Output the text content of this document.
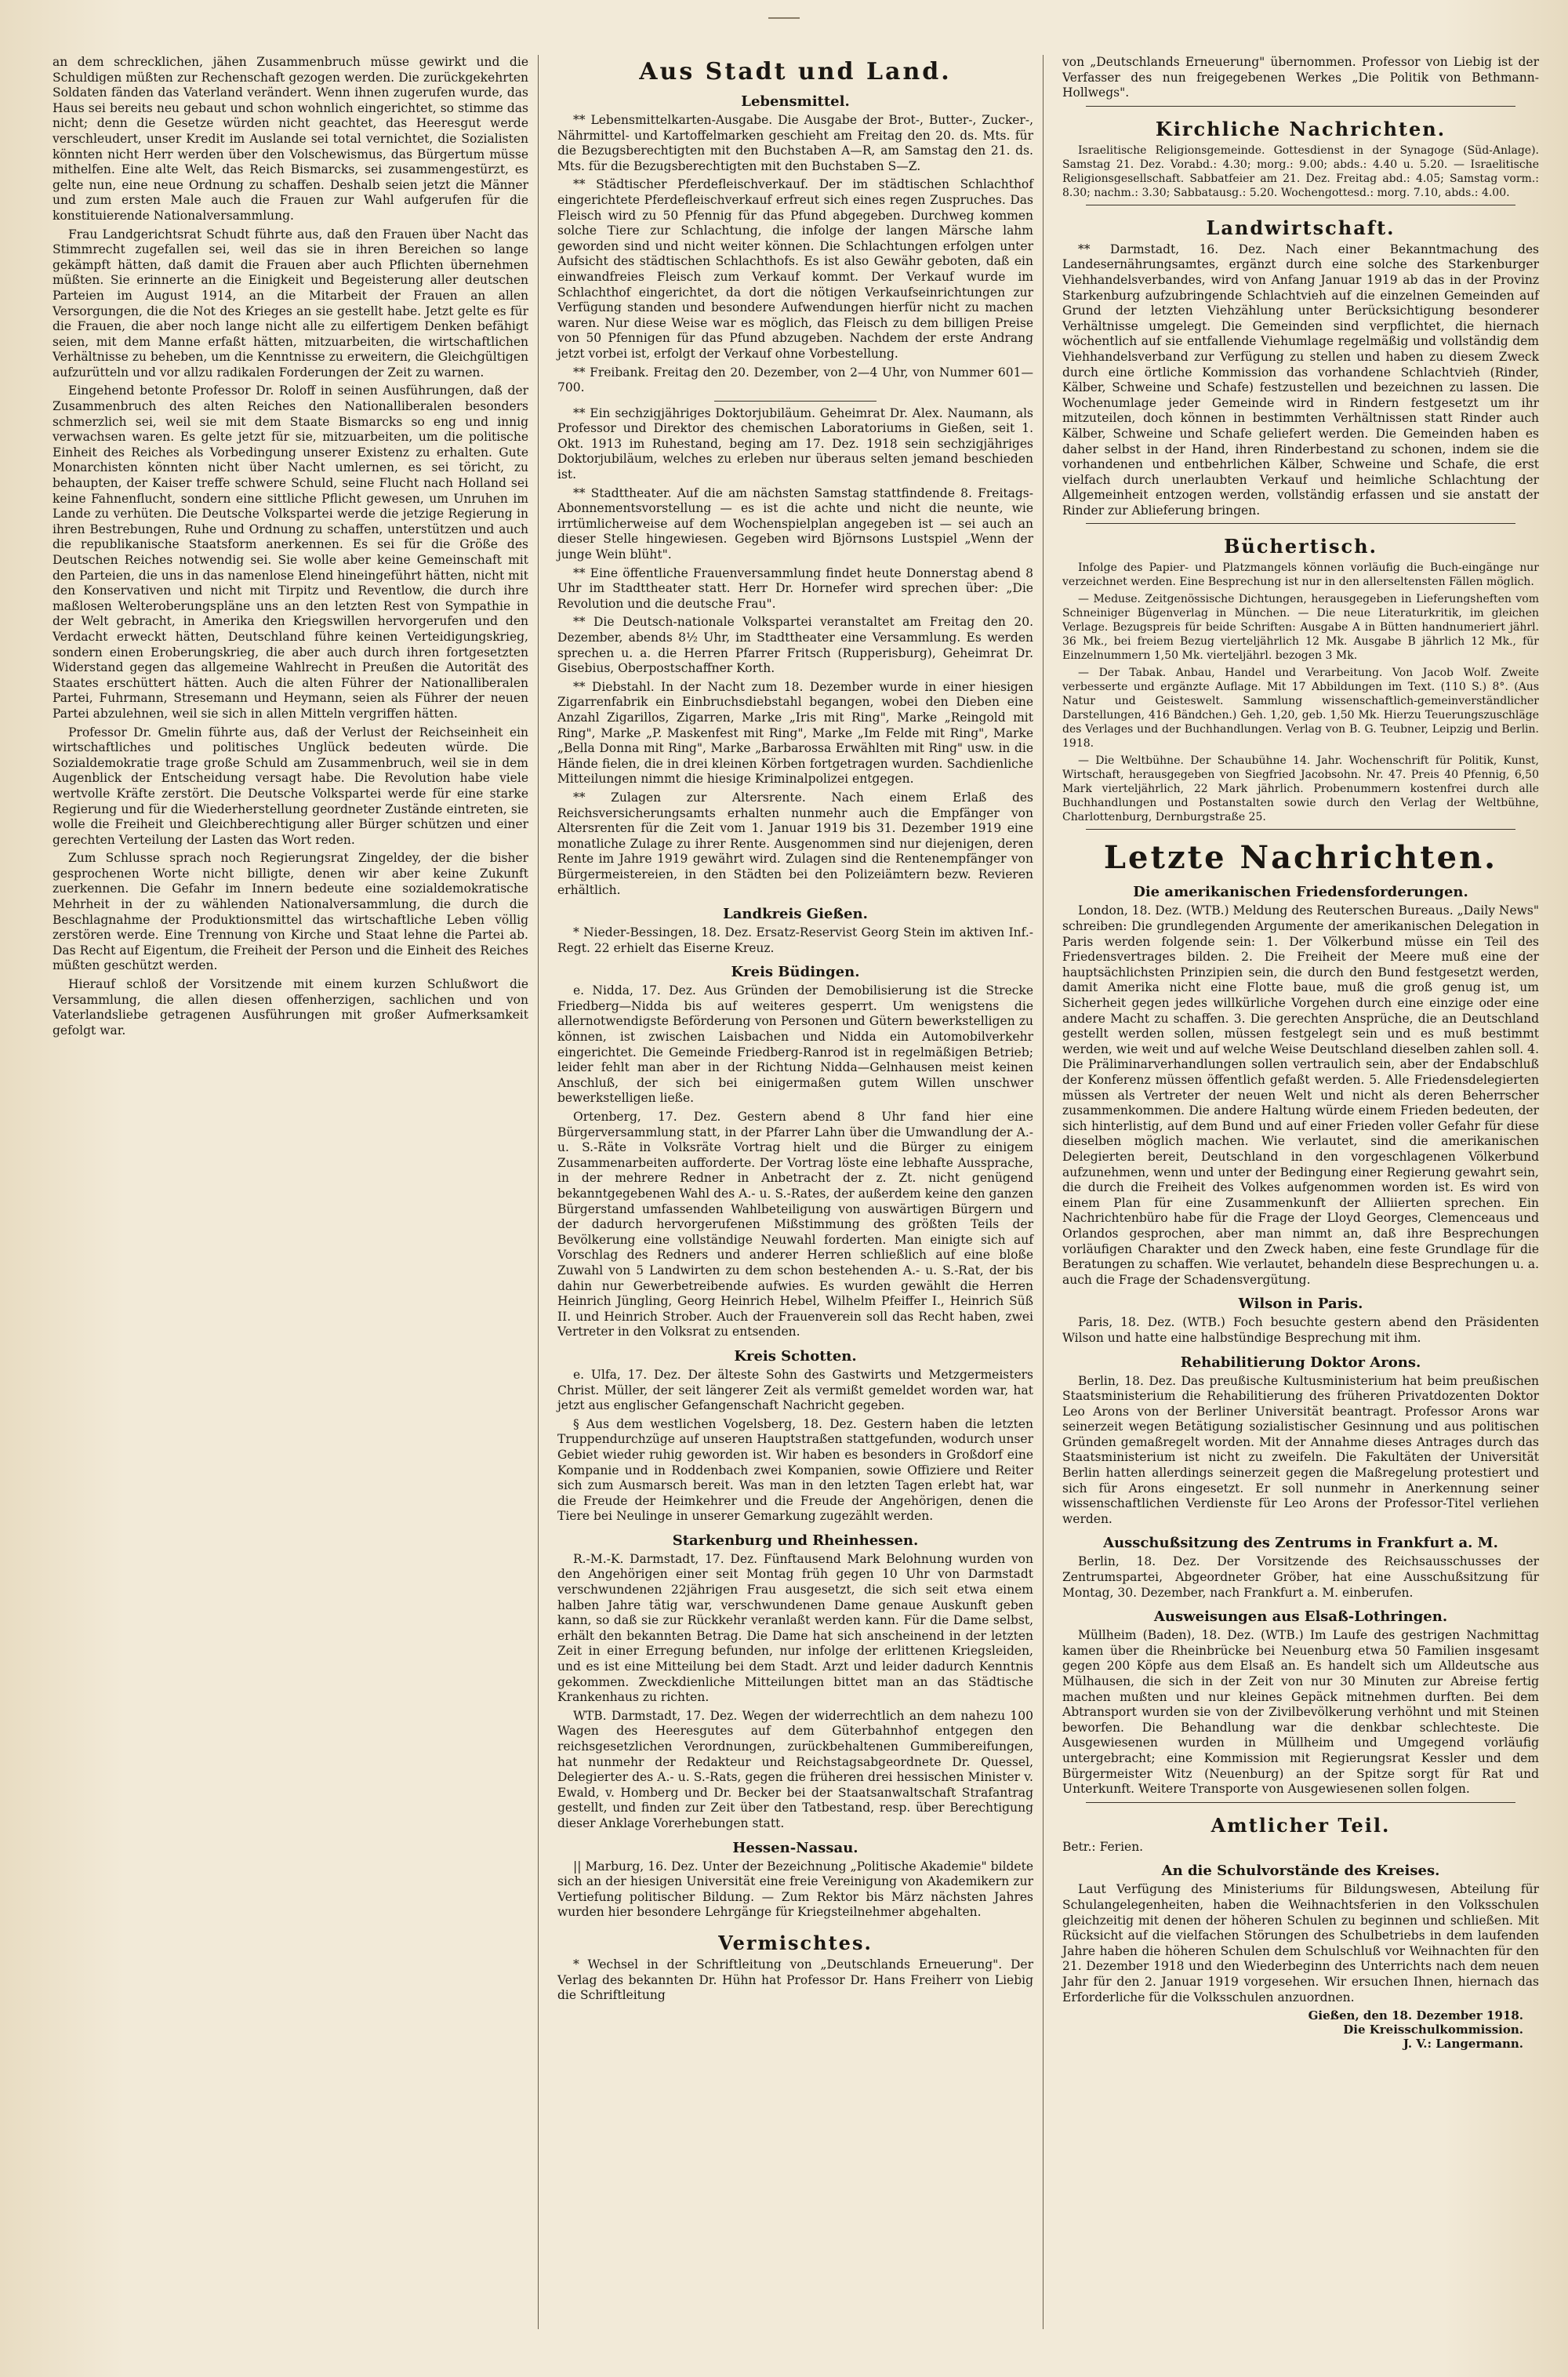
an dem schrecklichen, jähen Zusammenbruch müsse gewirkt und die Schuldigen müßten zur Rechenschaft gezogen werden. Die zurückgekehrten Soldaten fänden das Vaterland verändert. Wenn ihnen zugerufen wurde, das Haus sei bereits neu gebaut und schon wohnlich eingerichtet, so stimme das nicht; denn die Gesetze würden nicht geachtet, das Heeresgut werde verschleudert, unser Kredit im Auslande sei total vernichtet, die Sozialisten könnten nicht Herr werden über den Volschewismus, das Bürgertum müsse mithelfen. Eine alte Welt, das Reich Bismarcks, sei zusammengestürzt, es gelte nun, eine neue Ordnung zu schaffen. Deshalb seien jetzt die Männer und zum ersten Male auch die Frauen zur Wahl aufgerufen für die konstituierende Nationalversammlung.

Frau Landgerichtsrat Schudt führte aus, daß den Frauen über Nacht das Stimmrecht zugefallen sei, weil das sie in ihren Bereichen so lange gekämpft hätten, daß damit die Frauen aber auch Pflichten übernehmen müßten. Sie erinnerte an die Einigkeit und Begeisterung aller deutschen Parteien im August 1914, an die Mitarbeit der Frauen an allen Versorgungen, die die Not des Krieges an sie gestellt habe. Jetzt gelte es für die Frauen, die aber noch lange nicht alle zu eilfertigem Denken befähigt seien, mit dem Manne erfaßt hätten, mitzuarbeiten, die wirtschaftlichen Verhältnisse zu beheben, um die Kenntnisse zu erweitern, die Gleichgültigen aufzurütteln und vor allzu radikalen Forderungen der Zeit zu warnen.

Eingehend betonte Professor Dr. Roloff in seinen Ausführungen, daß der Zusammenbruch des alten Reiches den Nationalliberalen besonders schmerzlich sei, weil sie mit dem Staate Bismarcks so eng und innig verwachsen waren. Es gelte jetzt für sie, mitzuarbeiten, um die politische Einheit des Reiches als Vorbedingung unserer Existenz zu erhalten. Gute Monarchisten könnten nicht über Nacht umlernen, es sei töricht, zu behaupten, der Kaiser treffe schwere Schuld, seine Flucht nach Holland sei keine Fahnenflucht, sondern eine sittliche Pflicht gewesen, um Unruhen im Lande zu verhüten. Die Deutsche Volkspartei werde die jetzige Regierung in ihren Bestrebungen, Ruhe und Ordnung zu schaffen, unterstützen und auch die republikanische Staatsform anerkennen. Es sei für die Größe des Deutschen Reiches notwendig sei. Sie wolle aber keine Gemeinschaft mit den Parteien, die uns in das namenlose Elend hineingeführt hätten, nicht mit den Konservativen und nicht mit Tirpitz und Reventlow, die durch ihre maßlosen Welteroberungspläne uns an den letzten Rest von Sympathie in der Welt gebracht, in Amerika den Kriegswillen hervorgerufen und den Verdacht erweckt hätten, Deutschland führe keinen Verteidigungskrieg, sondern einen Eroberungskrieg, die aber auch durch ihren fortgesetzten Widerstand gegen das allgemeine Wahlrecht in Preußen die Autorität des Staates erschüttert hätten. Auch die alten Führer der Nationalliberalen Partei, Fuhrmann, Stresemann und Heymann, seien als Führer der neuen Partei abzulehnen, weil sie sich in allen Mitteln vergriffen hätten.

Professor Dr. Gmelin führte aus, daß der Verlust der Reichseinheit ein wirtschaftliches und politisches Unglück bedeuten würde. Die Sozialdemokratie trage große Schuld am Zusammenbruch, weil sie in dem Augenblick der Entscheidung versagt habe. Die Revolution habe viele wertvolle Kräfte zerstört. Die Deutsche Volkspartei werde für eine starke Regierung und für die Wiederherstellung geordneter Zustände eintreten, sie wolle die Freiheit und Gleichberechtigung aller Bürger schützen und einer gerechten Verteilung der Lasten das Wort reden.

Zum Schlusse sprach noch Regierungsrat Zingeldey, der die bisher gesprochenen Worte nicht billigte, denen wir aber keine Zukunft zuerkennen. Die Gefahr im Innern bedeute eine sozialdemokratische Mehrheit in der zu wählenden Nationalversammlung, die durch die Beschlagnahme der Produktionsmittel das wirtschaftliche Leben völlig zerstören werde. Eine Trennung von Kirche und Staat lehne die Partei ab. Das Recht auf Eigentum, die Freiheit der Person und die Einheit des Reiches müßten geschützt werden.

Hierauf schloß der Vorsitzende mit einem kurzen Schlußwort die Versammlung, die allen diesen offenherzigen, sachlichen und von Vaterlandsliebe getragenen Ausführungen mit großer Aufmerksamkeit gefolgt war.

Aus Stadt und Land.
Lebensmittel.

** Lebensmittelkarten-Ausgabe. Die Ausgabe der Brot-, Butter-, Zucker-, Nährmittel- und Kartoffelmarken geschieht am Freitag den 20. ds. Mts. für die Bezugsberechtigten mit den Buchstaben A—R, am Samstag den 21. ds. Mts. für die Bezugsberechtigten mit den Buchstaben S—Z.

** Städtischer Pferdefleischverkauf. Der im städtischen Schlachthof eingerichtete Pferdefleischverkauf erfreut sich eines regen Zuspruches. Das Fleisch wird zu 50 Pfennig für das Pfund abgegeben. Durchweg kommen solche Tiere zur Schlachtung, die infolge der langen Märsche lahm geworden sind und nicht weiter können. Die Schlachtungen erfolgen unter Aufsicht des städtischen Schlachthofs. Es ist also Gewähr geboten, daß ein einwandfreies Fleisch zum Verkauf kommt. Der Verkauf wurde im Schlachthof eingerichtet, da dort die nötigen Verkaufseinrichtungen zur Verfügung standen und besondere Aufwendungen hierfür nicht zu machen waren. Nur diese Weise war es möglich, das Fleisch zu dem billigen Preise von 50 Pfennigen für das Pfund abzugeben. Nachdem der erste Andrang jetzt vorbei ist, erfolgt der Verkauf ohne Vorbestellung.

** Freibank. Freitag den 20. Dezember, von 2—4 Uhr, von Nummer 601—700.

** Ein sechzigjähriges Doktorjubiläum. Geheimrat Dr. Alex. Naumann, als Professor und Direktor des chemischen Laboratoriums in Gießen, seit 1. Okt. 1913 im Ruhestand, beging am 17. Dez. 1918 sein sechzigjähriges Doktorjubiläum, welches zu erleben nur überaus selten jemand beschieden ist.

** Stadttheater. Auf die am nächsten Samstag stattfindende 8. Freitags-Abonnementsvorstellung — es ist die achte und nicht die neunte, wie irrtümlicherweise auf dem Wochenspielplan angegeben ist — sei auch an dieser Stelle hingewiesen. Gegeben wird Björnsons Lustspiel „Wenn der junge Wein blüht".

** Eine öffentliche Frauenversammlung findet heute Donnerstag abend 8 Uhr im Stadttheater statt. Herr Dr. Hornefer wird sprechen über: „Die Revolution und die deutsche Frau".

** Die Deutsch-nationale Volkspartei veranstaltet am Freitag den 20. Dezember, abends 8½ Uhr, im Stadttheater eine Versammlung. Es werden sprechen u. a. die Herren Pfarrer Fritsch (Rupperisburg), Geheimrat Dr. Gisebius, Oberpostschaffner Korth.

** Diebstahl. In der Nacht zum 18. Dezember wurde in einer hiesigen Zigarrenfabrik ein Einbruchsdiebstahl begangen, wobei den Dieben eine Anzahl Zigarillos, Zigarren, Marke „Iris mit Ring", Marke „Reingold mit Ring", Marke „P. Maskenfest mit Ring", Marke „Im Felde mit Ring", Marke „Bella Donna mit Ring", Marke „Barbarossa Erwählten mit Ring" usw. in die Hände fielen, die in drei kleinen Körben fortgetragen wurden. Sachdienliche Mitteilungen nimmt die hiesige Kriminalpolizei entgegen.

** Zulagen zur Altersrente. Nach einem Erlaß des Reichsversicherungsamts erhalten nunmehr auch die Empfänger von Altersrenten für die Zeit vom 1. Januar 1919 bis 31. Dezember 1919 eine monatliche Zulage zu ihrer Rente. Ausgenommen sind nur diejenigen, deren Rente im Jahre 1919 gewährt wird. Zulagen sind die Rentenempfänger von Bürgermeistereien, in den Städten bei den Polizeiämtern bezw. Revieren erhältlich.

Landkreis Gießen.

* Nieder-Bessingen, 18. Dez. Ersatz-Reservist Georg Stein im aktiven Inf.-Regt. 22 erhielt das Eiserne Kreuz.

Kreis Büdingen.

e. Nidda, 17. Dez. Aus Gründen der Demobilisierung ist die Strecke Friedberg—Nidda bis auf weiteres gesperrt. Um wenigstens die allernotwendigste Beförderung von Personen und Gütern bewerkstelligen zu können, ist zwischen Laisbachen und Nidda ein Automobilverkehr eingerichtet. Die Gemeinde Friedberg-Ranrod ist in regelmäßigen Betrieb; leider fehlt man aber in der Richtung Nidda—Gelnhausen meist keinen Anschluß, der sich bei einigermaßen gutem Willen unschwer bewerkstelligen ließe.

Ortenberg, 17. Dez. Gestern abend 8 Uhr fand hier eine Bürgerversammlung statt, in der Pfarrer Lahn über die Umwandlung der A.- u. S.-Räte in Volksräte Vortrag hielt und die Bürger zu einigem Zusammenarbeiten aufforderte. Der Vortrag löste eine lebhafte Aussprache, in der mehrere Redner in Anbetracht der z. Zt. nicht genügend bekanntgegebenen Wahl des A.- u. S.-Rates, der außerdem keine den ganzen Bürgerstand umfassenden Wahlbeteiligung von auswärtigen Bürgern und der dadurch hervorgerufenen Mißstimmung des größten Teils der Bevölkerung eine vollständige Neuwahl forderten. Man einigte sich auf Vorschlag des Redners und anderer Herren schließlich auf eine bloße Zuwahl von 5 Landwirten zu dem schon bestehenden A.- u. S.-Rat, der bis dahin nur Gewerbetreibende aufwies. Es wurden gewählt die Herren Heinrich Jüngling, Georg Heinrich Hebel, Wilhelm Pfeiffer I., Heinrich Süß II. und Heinrich Strober. Auch der Frauenverein soll das Recht haben, zwei Vertreter in den Volksrat zu entsenden.

Kreis Schotten.

e. Ulfa, 17. Dez. Der älteste Sohn des Gastwirts und Metzgermeisters Christ. Müller, der seit längerer Zeit als vermißt gemeldet worden war, hat jetzt aus englischer Gefangenschaft Nachricht gegeben.

§ Aus dem westlichen Vogelsberg, 18. Dez. Gestern haben die letzten Truppendurchzüge auf unseren Hauptstraßen stattgefunden, wodurch unser Gebiet wieder ruhig geworden ist. Wir haben es besonders in Großdorf eine Kompanie und in Roddenbach zwei Kompanien, sowie Offiziere und Reiter sich zum Ausmarsch bereit. Was man in den letzten Tagen erlebt hat, war die Freude der Heimkehrer und die Freude der Angehörigen, denen die Tiere bei Neulinge in unserer Gemarkung zugezählt werden.

Starkenburg und Rheinhessen.

R.-M.-K. Darmstadt, 17. Dez. Fünftausend Mark Belohnung wurden von den Angehörigen einer seit Montag früh gegen 10 Uhr von Darmstadt verschwundenen 22jährigen Frau ausgesetzt, die sich seit etwa einem halben Jahre tätig war, verschwundenen Dame genaue Auskunft geben kann, so daß sie zur Rückkehr veranlaßt werden kann. Für die Dame selbst, erhält den bekannten Betrag. Die Dame hat sich anscheinend in der letzten Zeit in einer Erregung befunden, nur infolge der erlittenen Kriegsleiden, und es ist eine Mitteilung bei dem Stadt. Arzt und leider dadurch Kenntnis gekommen. Zweckdienliche Mitteilungen bittet man an das Städtische Krankenhaus zu richten.

WTB. Darmstadt, 17. Dez. Wegen der widerrechtlich an dem nahezu 100 Wagen des Heeresgutes auf dem Güterbahnhof entgegen den reichsgesetzlichen Verordnungen, zurückbehaltenen Gummibereifungen, hat nunmehr der Redakteur und Reichstagsabgeordnete Dr. Quessel, Delegierter des A.- u. S.-Rats, gegen die früheren drei hessischen Minister v. Ewald, v. Homberg und Dr. Becker bei der Staatsanwaltschaft Strafantrag gestellt, und finden zur Zeit über den Tatbestand, resp. über Berechtigung dieser Anklage Vorerhebungen statt.

Hessen-Nassau.

|| Marburg, 16. Dez. Unter der Bezeichnung „Politische Akademie" bildete sich an der hiesigen Universität eine freie Vereinigung von Akademikern zur Vertiefung politischer Bildung. — Zum Rektor bis März nächsten Jahres wurden hier besondere Lehrgänge für Kriegsteilnehmer abgehalten.

Vermischtes.

* Wechsel in der Schriftleitung von „Deutschlands Erneuerung". Der Verlag des bekannten Dr. Hühn hat Professor Dr. Hans Freiherr von Liebig die Schriftleitung

von „Deutschlands Erneuerung" übernommen. Professor von Liebig ist der Verfasser des nun freigegebenen Werkes „Die Politik von Bethmann-Hollwegs".

Kirchliche Nachrichten.

Israelitische Religionsgemeinde. Gottesdienst in der Synagoge (Süd-Anlage). Samstag 21. Dez. Vorabd.: 4.30; morg.: 9.00; abds.: 4.40 u. 5.20. — Israelitische Religionsgesellschaft. Sabbatfeier am 21. Dez. Freitag abd.: 4.05; Samstag vorm.: 8.30; nachm.: 3.30; Sabbatausg.: 5.20. Wochengottesd.: morg. 7.10, abds.: 4.00.

Landwirtschaft.

** Darmstadt, 16. Dez. Nach einer Bekanntmachung des Landesernährungsamtes, ergänzt durch eine solche des Starkenburger Viehhandelsverbandes, wird von Anfang Januar 1919 ab das in der Provinz Starkenburg aufzubringende Schlachtvieh auf die einzelnen Gemeinden auf Grund der letzten Viehzählung unter Berücksichtigung besonderer Verhältnisse umgelegt. Die Gemeinden sind verpflichtet, die hiernach wöchentlich auf sie entfallende Viehumlage regelmäßig und vollständig dem Viehhandelsverband zur Verfügung zu stellen und haben zu diesem Zweck durch eine örtliche Kommission das vorhandene Schlachtvieh (Rinder, Kälber, Schweine und Schafe) festzustellen und bezeichnen zu lassen. Die Wochenumlage jeder Gemeinde wird in Rindern festgesetzt um ihr mitzuteilen, doch können in bestimmten Verhältnissen statt Rinder auch Kälber, Schweine und Schafe geliefert werden. Die Gemeinden haben es daher selbst in der Hand, ihren Rinderbestand zu schonen, indem sie die vorhandenen und entbehrlichen Kälber, Schweine und Schafe, die erst vielfach durch unerlaubten Verkauf und heimliche Schlachtung der Allgemeinheit entzogen werden, vollständig erfassen und sie anstatt der Rinder zur Ablieferung bringen.

Büchertisch.

Infolge des Papier- und Platzmangels können vorläufig die Buch-eingänge nur verzeichnet werden. Eine Besprechung ist nur in den allerseltensten Fällen möglich.

— Meduse. Zeitgenössische Dichtungen, herausgegeben in Lieferungsheften vom Schneiniger Bügenverlag in München. — Die neue Literaturkritik, im gleichen Verlage. Bezugspreis für beide Schriften: Ausgabe A in Bütten handnumeriert jährl. 36 Mk., bei freiem Bezug vierteljährlich 12 Mk. Ausgabe B jährlich 12 Mk., für Einzelnummern 1,50 Mk. vierteljährl. bezogen 3 Mk.

— Der Tabak. Anbau, Handel und Verarbeitung. Von Jacob Wolf. Zweite verbesserte und ergänzte Auflage. Mit 17 Abbildungen im Text. (110 S.) 8°. (Aus Natur und Geisteswelt. Sammlung wissenschaftlich-gemeinverständlicher Darstellungen, 416 Bändchen.) Geh. 1,20, geb. 1,50 Mk. Hierzu Teuerungszuschläge des Verlages und der Buchhandlungen. Verlag von B. G. Teubner, Leipzig und Berlin. 1918.

— Die Weltbühne. Der Schaubühne 14. Jahr. Wochenschrift für Politik, Kunst, Wirtschaft, herausgegeben von Siegfried Jacobsohn. Nr. 47. Preis 40 Pfennig, 6,50 Mark vierteljährlich, 22 Mark jährlich. Probenummern kostenfrei durch alle Buchhandlungen und Postanstalten sowie durch den Verlag der Weltbühne, Charlottenburg, Dernburgstraße 25.

Letzte Nachrichten.
Die amerikanischen Friedensforderungen.

London, 18. Dez. (WTB.) Meldung des Reuterschen Bureaus. „Daily News" schreiben: Die grundlegenden Argumente der amerikanischen Delegation in Paris werden folgende sein: 1. Der Völkerbund müsse ein Teil des Friedensvertrages bilden. 2. Die Freiheit der Meere muß eine der hauptsächlichsten Prinzipien sein, die durch den Bund festgesetzt werden, damit Amerika nicht eine Flotte baue, muß die groß genug ist, um Sicherheit gegen jedes willkürliche Vorgehen durch eine einzige oder eine andere Macht zu schaffen. 3. Die gerechten Ansprüche, die an Deutschland gestellt werden sollen, müssen festgelegt sein und es muß bestimmt werden, wie weit und auf welche Weise Deutschland dieselben zahlen soll. 4. Die Präliminarverhandlungen sollen vertraulich sein, aber der Endabschluß der Konferenz müssen öffentlich gefaßt werden. 5. Alle Friedensdelegierten müssen als Vertreter der neuen Welt und nicht als deren Beherrscher zusammenkommen. Die andere Haltung würde einem Frieden bedeuten, der sich hinterlistig, auf dem Bund und auf einer Frieden voller Gefahr für diese dieselben möglich machen. Wie verlautet, sind die amerikanischen Delegierten bereit, Deutschland in den vorgeschlagenen Völkerbund aufzunehmen, wenn und unter der Bedingung einer Regierung gewahrt sein, die durch die Freiheit des Volkes aufgenommen worden ist. Es wird von einem Plan für eine Zusammenkunft der Alliierten sprechen. Ein Nachrichtenbüro habe für die Frage der Lloyd Georges, Clemenceaus und Orlandos gesprochen, aber man nimmt an, daß ihre Besprechungen vorläufigen Charakter und den Zweck haben, eine feste Grundlage für die Beratungen zu schaffen. Wie verlautet, behandeln diese Besprechungen u. a. auch die Frage der Schadensvergütung.

Wilson in Paris.

Paris, 18. Dez. (WTB.) Foch besuchte gestern abend den Präsidenten Wilson und hatte eine halbstündige Besprechung mit ihm.

Rehabilitierung Doktor Arons.

Berlin, 18. Dez. Das preußische Kultusministerium hat beim preußischen Staatsministerium die Rehabilitierung des früheren Privatdozenten Doktor Leo Arons von der Berliner Universität beantragt. Professor Arons war seinerzeit wegen Betätigung sozialistischer Gesinnung und aus politischen Gründen gemaßregelt worden. Mit der Annahme dieses Antrages durch das Staatsministerium ist nicht zu zweifeln. Die Fakultäten der Universität Berlin hatten allerdings seinerzeit gegen die Maßregelung protestiert und sich für Arons eingesetzt. Er soll nunmehr in Anerkennung seiner wissenschaftlichen Verdienste für Leo Arons der Professor-Titel verliehen werden.

Ausschußsitzung des Zentrums in Frankfurt a. M.

Berlin, 18. Dez. Der Vorsitzende des Reichsausschusses der Zentrumspartei, Abgeordneter Gröber, hat eine Ausschußsitzung für Montag, 30. Dezember, nach Frankfurt a. M. einberufen.

Ausweisungen aus Elsaß-Lothringen.

Müllheim (Baden), 18. Dez. (WTB.) Im Laufe des gestrigen Nachmittag kamen über die Rheinbrücke bei Neuenburg etwa 50 Familien insgesamt gegen 200 Köpfe aus dem Elsaß an. Es handelt sich um Alldeutsche aus Mülhausen, die sich in der Zeit von nur 30 Minuten zur Abreise fertig machen mußten und nur kleines Gepäck mitnehmen durften. Bei dem Abtransport wurden sie von der Zivilbevölkerung verhöhnt und mit Steinen beworfen. Die Behandlung war die denkbar schlechteste. Die Ausgewiesenen wurden in Müllheim und Umgegend vorläufig untergebracht; eine Kommission mit Regierungsrat Kessler und dem Bürgermeister Witz (Neuenburg) an der Spitze sorgt für Rat und Unterkunft. Weitere Transporte von Ausgewiesenen sollen folgen.

Amtlicher Teil.

Betr.: Ferien.

An die Schulvorstände des Kreises.

Laut Verfügung des Ministeriums für Bildungswesen, Abteilung für Schulangelegenheiten, haben die Weihnachtsferien in den Volksschulen gleichzeitig mit denen der höheren Schulen zu beginnen und schließen. Mit Rücksicht auf die vielfachen Störungen des Schulbetriebs in dem laufenden Jahre haben die höheren Schulen dem Schulschluß vor Weihnachten für den 21. Dezember 1918 und den Wiederbeginn des Unterrichts nach dem neuen Jahr für den 2. Januar 1919 vorgesehen. Wir ersuchen Ihnen, hiernach das Erforderliche für die Volksschulen anzuordnen.

Gießen, den 18. Dezember 1918.
Die Kreisschulkommission.
J. V.: Langermann.
